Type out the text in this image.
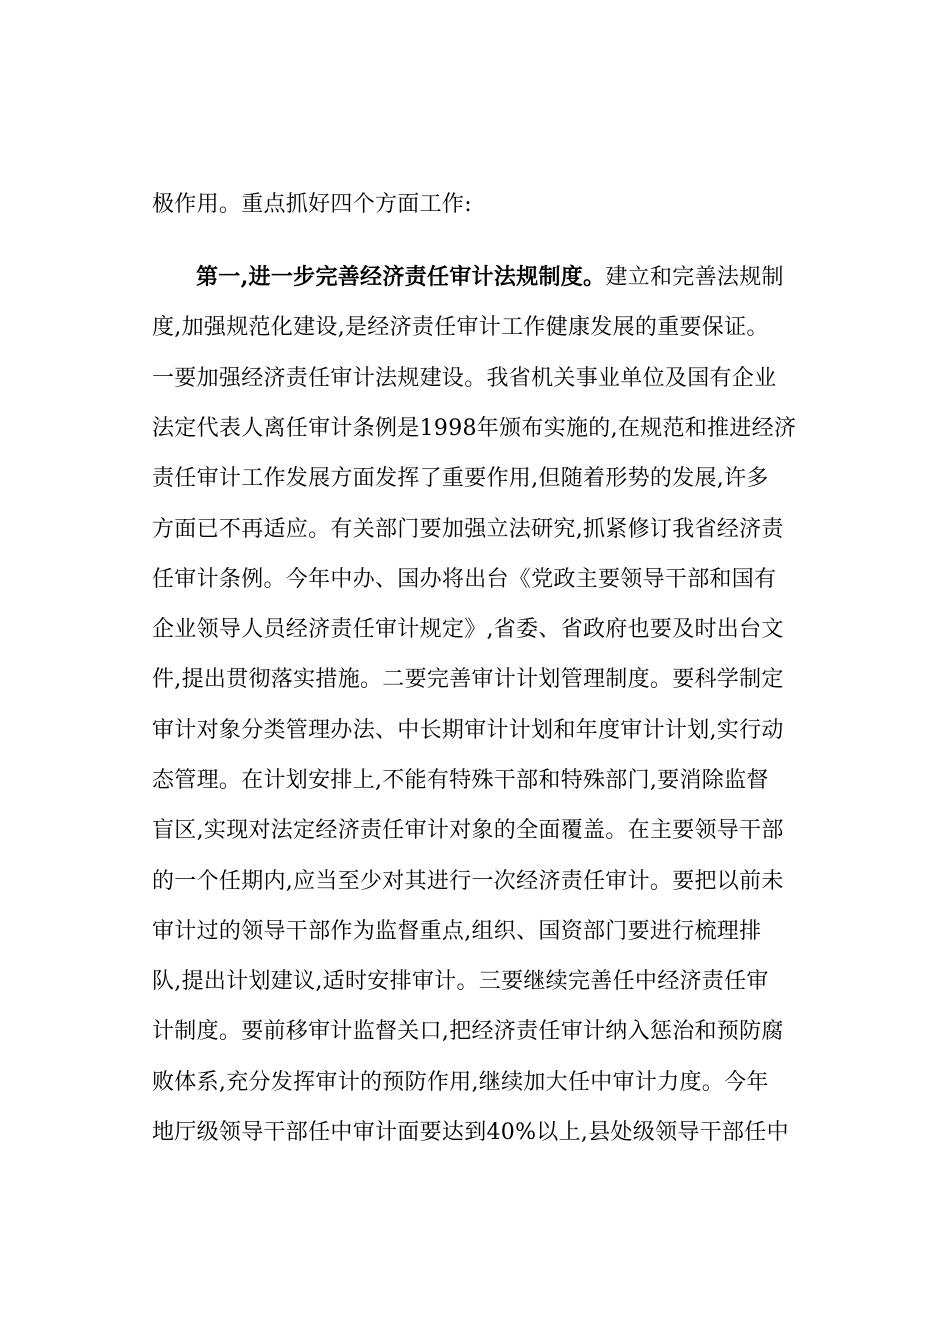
极作用。重点抓好四个方面工作:
第一,进一步完善经济责任审计法规制度。建立和完善法规制
度,加强规范化建设,是经济责任审计工作健康发展的重要保证。
一要加强经济责任审计法规建设。我省机关事业单位及国有企业
法定代表人离任审计条例是1998年颁布实施的,在规范和推进经济
责任审计工作发展方面发挥了重要作用,但随着形势的发展,许多
方面已不再适应。有关部门要加强立法研究,抓紧修订我省经济责
任审计条例。今年中办、国办将出台《党政主要领导干部和国有
企业领导人员经济责任审计规定》,省委、省政府也要及时出台文
件,提出贯彻落实措施。二要完善审计计划管理制度。要科学制定
审计对象分类管理办法、中长期审计计划和年度审计计划,实行动
态管理。在计划安排上,不能有特殊干部和特殊部门,要消除监督
盲区,实现对法定经济责任审计对象的全面覆盖。在主要领导干部
的一个任期内,应当至少对其进行一次经济责任审计。要把以前未
审计过的领导干部作为监督重点,组织、国资部门要进行梳理排
队,提出计划建议,适时安排审计。三要继续完善任中经济责任审
计制度。要前移审计监督关口,把经济责任审计纳入惩治和预防腐
败体系,充分发挥审计的预防作用,继续加大任中审计力度。今年
地厅级领导干部任中审计面要达到40%以上,县处级领导干部任中
